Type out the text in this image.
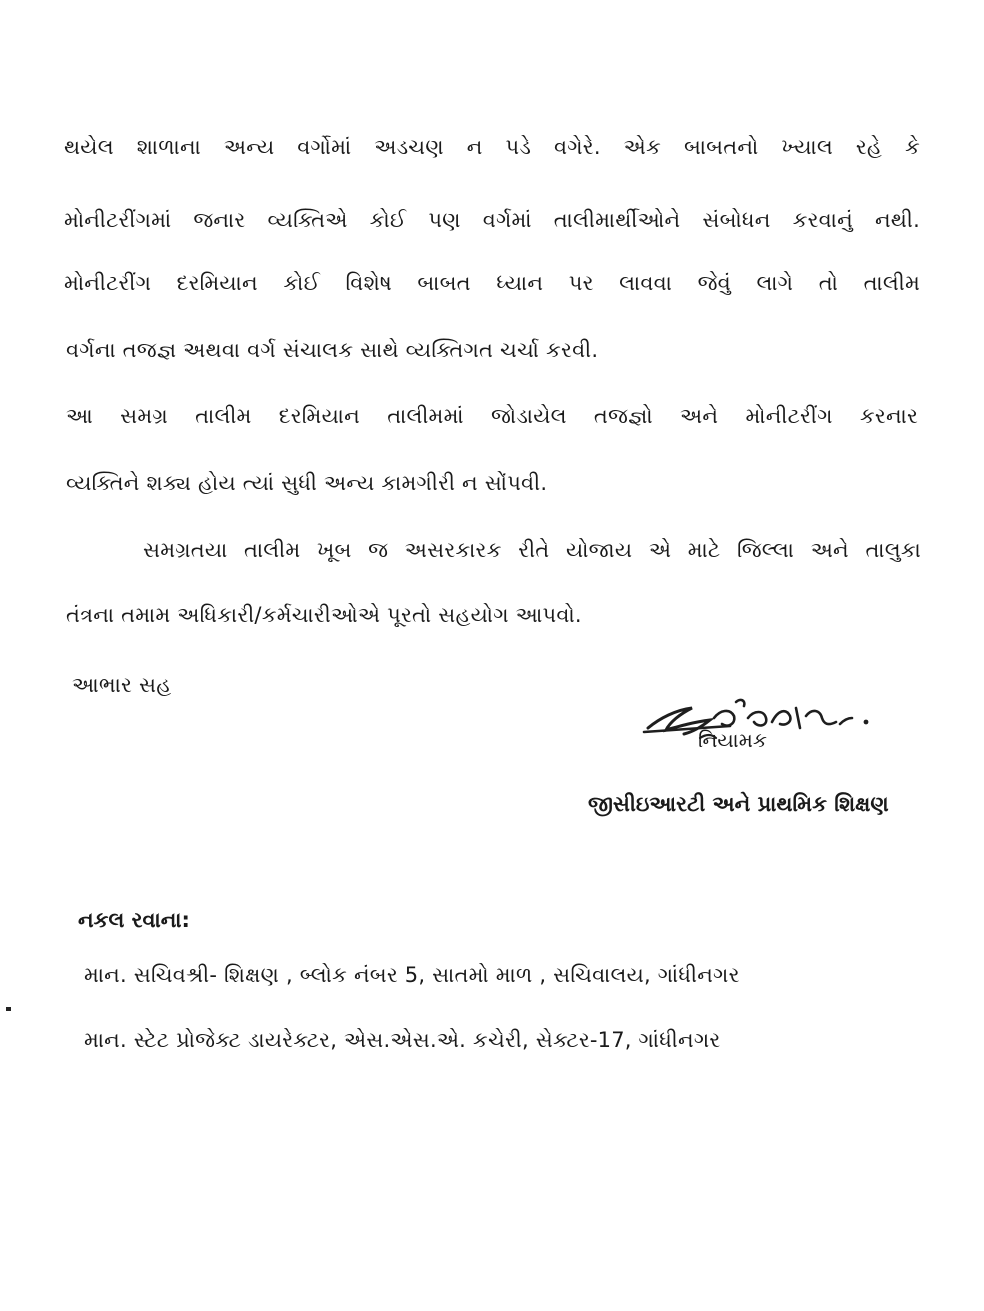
થયેલ શાળાના અન્ય વર્ગોમાં અડચણ ન પડે વગેરે. એક બાબતનો ખ્યાલ રહે કે
મોનીટરીંગમાં જનાર વ્યક્તિએ કોઈ પણ વર્ગમાં તાલીમાર્થીઓને સંબોધન કરવાનું નથી.
મોનીટરીંગ દરમિયાન કોઈ વિશેષ બાબત ધ્યાન પર લાવવા જેવું લાગે તો તાલીમ
વર્ગના તજજ્ઞ અથવા વર્ગ સંચાલક સાથે વ્યક્તિગત ચર્ચા કરવી.
આ સમગ્ર તાલીમ દરમિયાન તાલીમમાં જોડાયેલ તજજ્ઞો અને મોનીટરીંગ કરનાર
વ્યક્તિને શક્ય હોય ત્યાં સુધી અન્ય કામગીરી ન સોંપવી.
સમગ્રતયા તાલીમ ખૂબ જ અસરકારક રીતે યોજાય એ માટે જિલ્લા અને તાલુકા
તંત્રના તમામ અધિકારી/કર્મચારીઓએ પૂરતો સહયોગ આપવો.
આભાર સહ
નિયામક
જીસીઇઆરટી અને પ્રાથમિક શિક્ષણ
નકલ રવાના:
માન. સચિવશ્રી- શિક્ષણ , બ્લોક નંબર 5, સાતમો માળ , સચિવાલય, ગાંધીનગર
માન. સ્ટેટ પ્રોજેક્ટ ડાયરેક્ટર, એસ.એસ.એ. કચેરી, સેક્ટર-17, ગાંધીનગર
